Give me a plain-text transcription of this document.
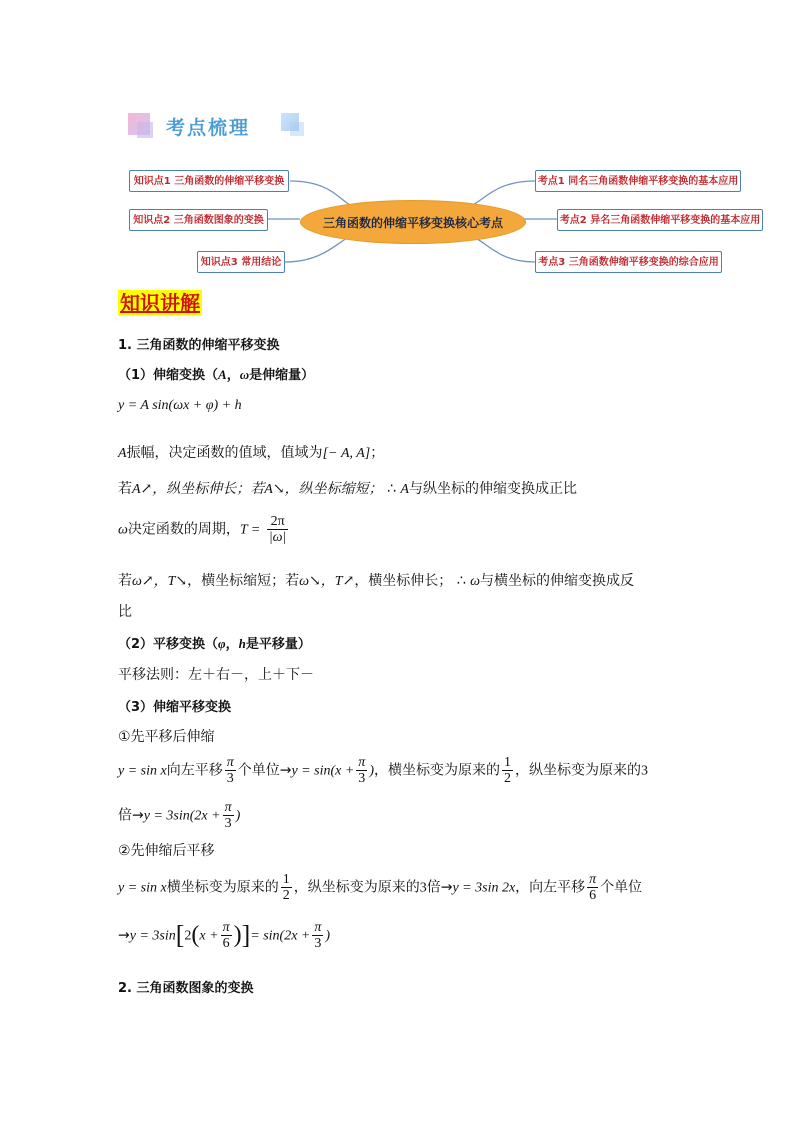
考点梳理
知识点1 三角函数的伸缩平移变换
知识点2 三角函数图象的变换
知识点3 常用结论
三角函数的伸缩平移变换核心考点
考点1 同名三角函数伸缩平移变换的基本应用
考点2 异名三角函数伸缩平移变换的基本应用
考点3 三角函数伸缩平移变换的综合应用
知识讲解
1. 三角函数的伸缩平移变换
（1）伸缩变换（A，ω是伸缩量）
y = A sin(ωx + φ) + h
A振幅，决定函数的值域，值域为[− A, A]；
若A↗，纵坐标伸长；若A↘，纵坐标缩短； ∴ A与纵坐标的伸缩变换成正比
ω决定函数的周期，$T = \frac{2\pi}{|\omega|}$
若ω↗，T↘，横坐标缩短；若ω↘，T↗，横坐标伸长； ∴ ω与横坐标的伸缩变换成反
比
（2）平移变换（φ，h是平移量）
平移法则：左＋右－，上＋下－
（3）伸缩平移变换
①先平移后伸缩
y = sin x向左平移 $\frac{\pi}{3}$ 个单位$\to y = \sin(x + \frac{\pi}{3}$ )，横坐标变为原来的 $\frac{1}{2}$ ，纵坐标变为原来的3
倍$\to y = 3\sin(2x + \frac{\pi}{3}$ )
②先伸缩后平移
y = sin x横坐标变为原来的 $\frac{1}{2}$ ，纵坐标变为原来的3倍→y = 3sin 2x，向左平移 $\frac{\pi}{6}$ 个单位
$\to y = 3\sin[2(x + \frac{\pi}{6}$ )]= $\sin(2x + \frac{\pi}{3}$ )
2. 三角函数图象的变换
